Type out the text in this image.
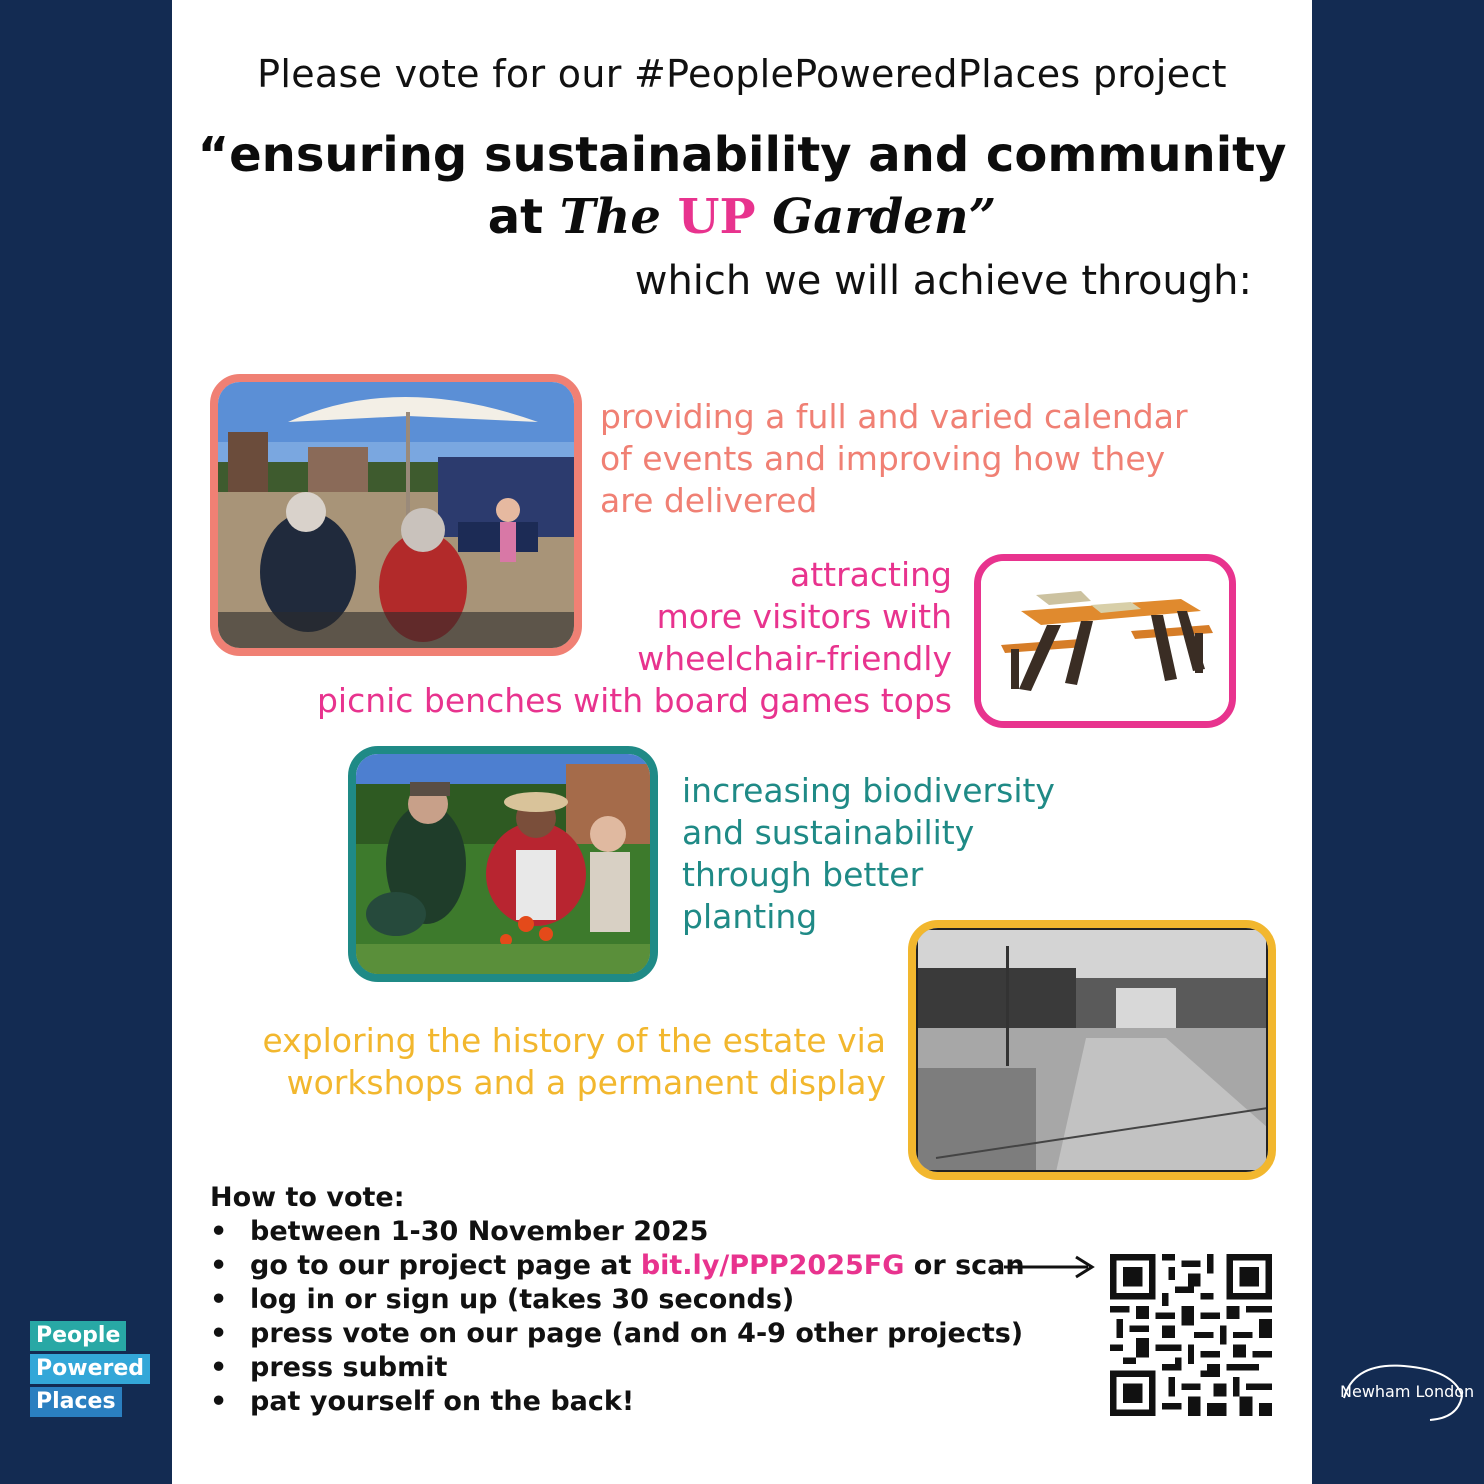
Please vote for our #PeoplePoweredPlaces project
“ensuring sustainability and community
at The UP Garden”
which we will achieve through:
providing a full and varied calendar
of events and improving how they
are delivered
attracting
more visitors with
wheelchair-friendly
picnic benches with board games tops
increasing biodiversity
and sustainability
through better
planting
exploring the history of the estate via
workshops and a permanent display
How to vote:
• between 1-30 November 2025
• go to our project page at bit.ly/PPP2025FG or scan
• log in or sign up (takes 30 seconds)
• press vote on our page (and on 4-9 other projects)
• press submit
• pat yourself on the back!
People
Powered
Places	Newham London
